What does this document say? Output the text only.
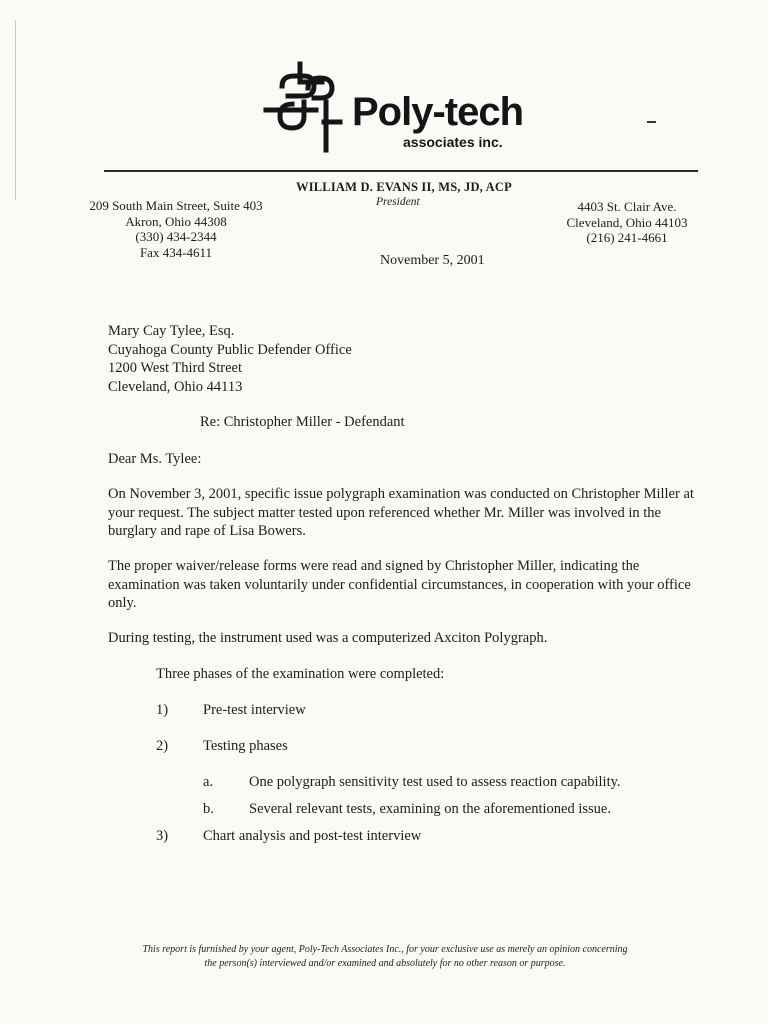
Poly-tech
associates inc.
WILLIAM D. EVANS II, MS, JD, ACP
President
209 South Main Street, Suite 403
Akron, Ohio 44308
(330) 434-2344
Fax 434-4611
4403 St. Clair Ave.
Cleveland, Ohio 44103
(216) 241-4661
November 5, 2001
Mary Cay Tylee, Esq.
Cuyahoga County Public Defender Office
1200 West Third Street
Cleveland, Ohio 44113
Re: Christopher Miller - Defendant
Dear Ms. Tylee:
On November 3, 2001, specific issue polygraph examination was conducted on Christopher Miller at your request. The subject matter tested upon referenced whether Mr. Miller was involved in the burglary and rape of Lisa Bowers.
The proper waiver/release forms were read and signed by Christopher Miller, indicating the examination was taken voluntarily under confidential circumstances, in cooperation with your office only.
During testing, the instrument used was a computerized Axciton Polygraph.
Three phases of the examination were completed:
1) Pre-test interview
2) Testing phases
a. One polygraph sensitivity test used to assess reaction capability.
b. Several relevant tests, examining on the aforementioned issue.
3) Chart analysis and post-test interview
This report is furnished by your agent, Poly-Tech Associates Inc., for your exclusive use as merely an opinion concerning
the person(s) interviewed and/or examined and absolutely for no other reason or purpose.
